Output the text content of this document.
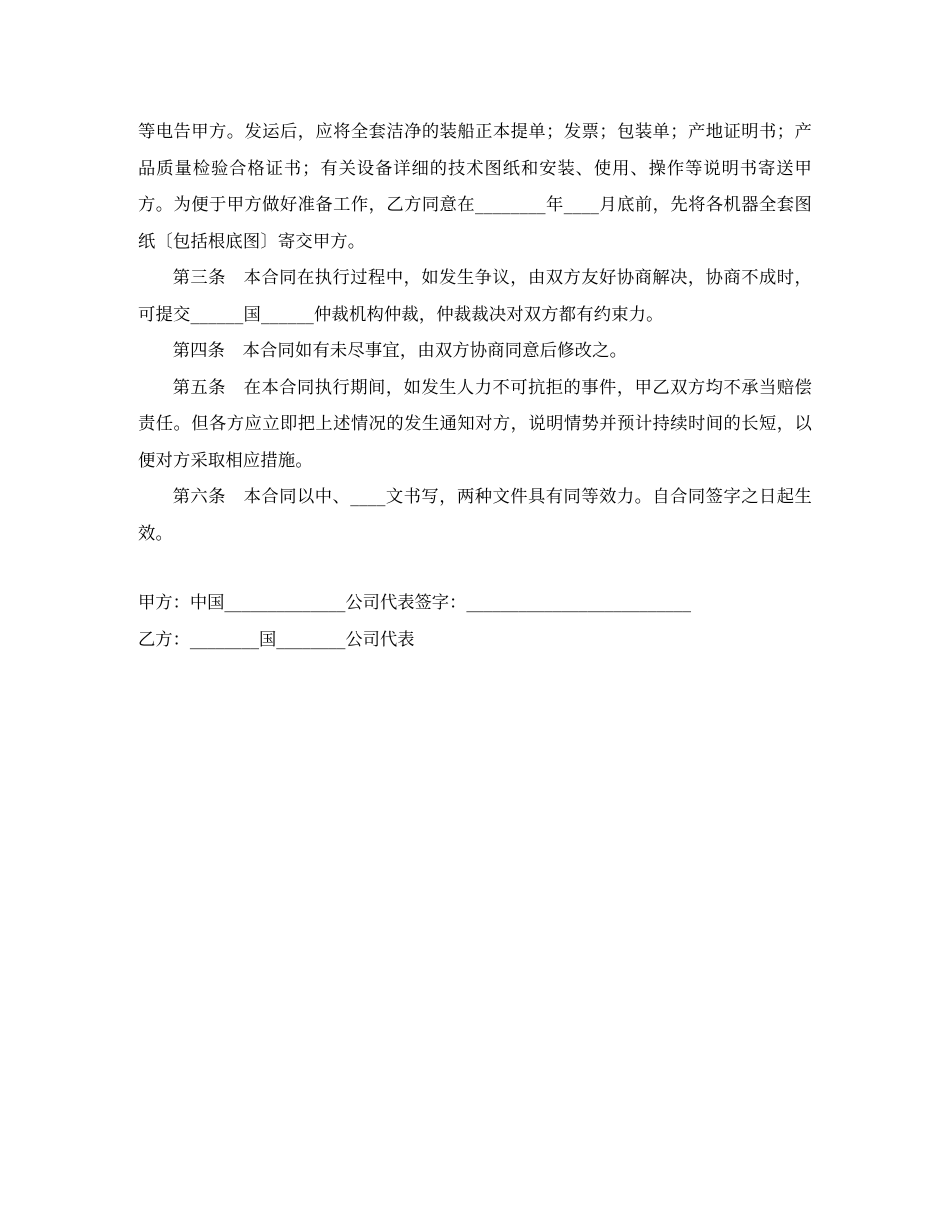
等电告甲方。发运后，应将全套洁净的装船正本提单；发票；包装单；产地证明书；产品质量检验合格证书；有关设备详细的技术图纸和安装、使用、操作等说明书寄送甲方。为便于甲方做好准备工作，乙方同意在________年____月底前，先将各机器全套图纸〔包括根底图〕寄交甲方。

第三条　本合同在执行过程中，如发生争议，由双方友好协商解决，协商不成时，可提交______国______仲裁机构仲裁，仲裁裁决对双方都有约束力。

第四条　本合同如有未尽事宜，由双方协商同意后修改之。

第五条　在本合同执行期间，如发生人力不可抗拒的事件，甲乙双方均不承当赔偿责任。但各方应立即把上述情况的发生通知对方，说明情势并预计持续时间的长短，以便对方采取相应措施。

第六条　本合同以中、____文书写，两种文件具有同等效力。自合同签字之日起生效。

甲方：中国______________公司代表签字：__________________________

乙方：________国________公司代表
